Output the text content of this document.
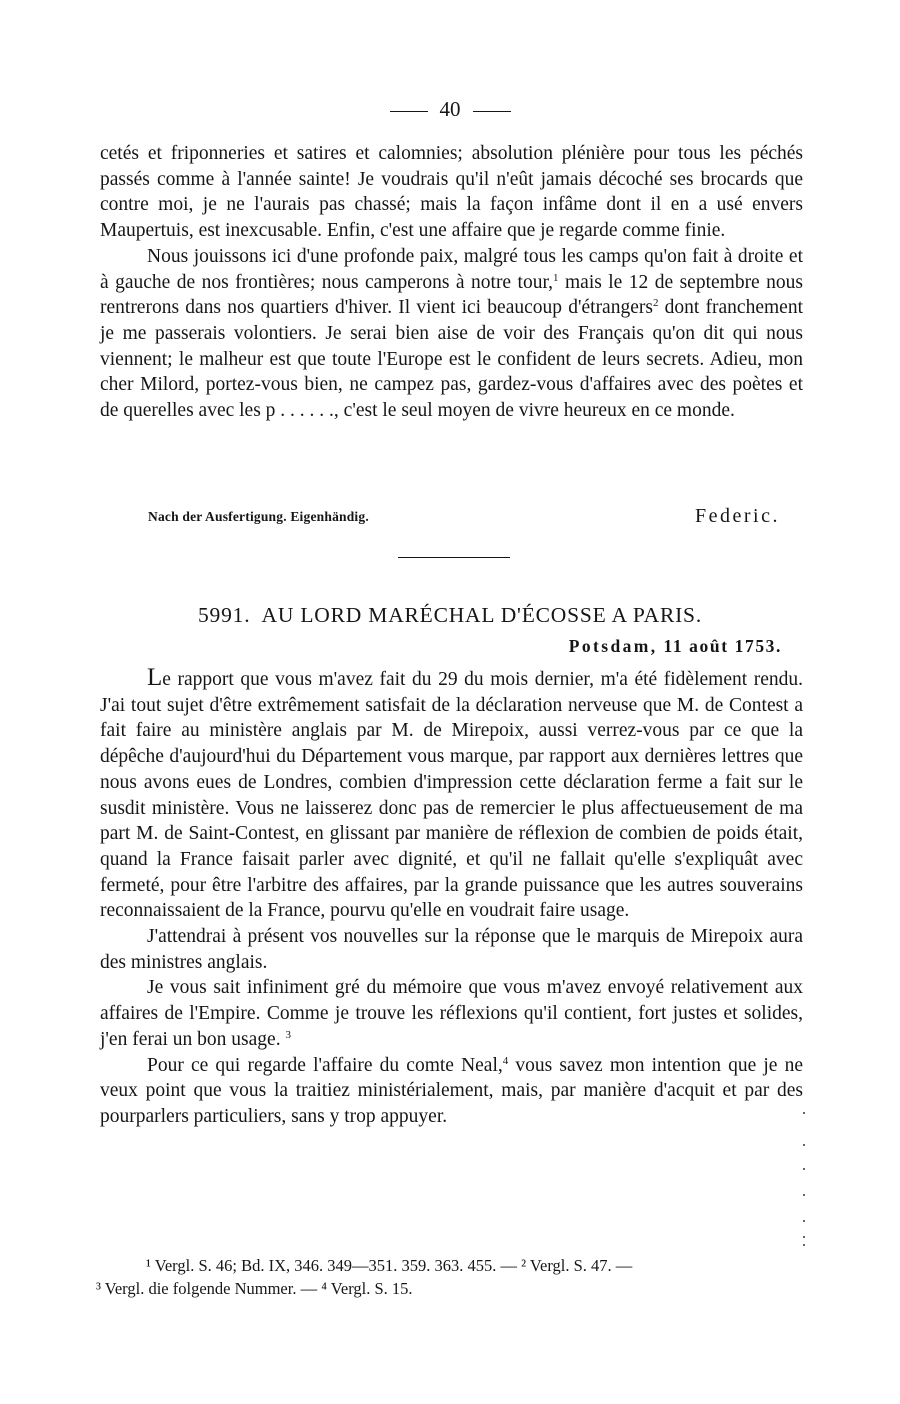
40

cetés et friponneries et satires et calomnies; absolution plénière pour tous les péchés passés comme à l'année sainte! Je voudrais qu'il n'eût jamais décoché ses brocards que contre moi, je ne l'aurais pas chassé; mais la façon infâme dont il en a usé envers Maupertuis, est inexcusable. Enfin, c'est une affaire que je regarde comme finie.

Nous jouissons ici d'une profonde paix, malgré tous les camps qu'on fait à droite et à gauche de nos frontières; nous camperons à notre tour,$^1$ mais le 12 de septembre nous rentrerons dans nos quartiers d'hiver. Il vient ici beaucoup d'étrangers$^2$ dont franchement je me passerais volontiers. Je serai bien aise de voir des Français qu'on dit qui nous viennent; le malheur est que toute l'Europe est le confident de leurs secrets. Adieu, mon cher Milord, portez-vous bien, ne campez pas, gardez-vous d'affaires avec des poètes et de querelles avec les p . . . . . ., c'est le seul moyen de vivre heureux en ce monde.

Nach der Ausfertigung. Eigenhändig.	Federic.
5991. AU LORD MARÉCHAL D'ÉCOSSE A PARIS.
Potsdam, 11 août 1753.

Le rapport que vous m'avez fait du 29 du mois dernier, m'a été fidèlement rendu. J'ai tout sujet d'être extrêmement satisfait de la déclaration nerveuse que M. de Contest a fait faire au ministère anglais par M. de Mirepoix, aussi verrez-vous par ce que la dépêche d'aujourd'hui du Département vous marque, par rapport aux dernières lettres que nous avons eues de Londres, combien d'impression cette déclaration ferme a fait sur le susdit ministère. Vous ne laisserez donc pas de remercier le plus affectueusement de ma part M. de Saint-Contest, en glissant par manière de réflexion de combien de poids était, quand la France faisait parler avec dignité, et qu'il ne fallait qu'elle s'expliquât avec fermeté, pour être l'arbitre des affaires, par la grande puissance que les autres souverains reconnaissaient de la France, pourvu qu'elle en voudrait faire usage.

J'attendrai à présent vos nouvelles sur la réponse que le marquis de Mirepoix aura des ministres anglais.

Je vous sait infiniment gré du mémoire que vous m'avez envoyé relativement aux affaires de l'Empire. Comme je trouve les réflexions qu'il contient, fort justes et solides, j'en ferai un bon usage. $^3$

Pour ce qui regarde l'affaire du comte Neal,$^4$ vous savez mon intention que je ne veux point que vous la traitiez ministérialement, mais, par manière d'acquit et par des pourparlers particuliers, sans y trop appuyer.

¹ Vergl. S. 46; Bd. IX, 346. 349—351. 359. 363. 455. — ² Vergl. S. 47. —
³ Vergl. die folgende Nummer. — ⁴ Vergl. S. 15.
